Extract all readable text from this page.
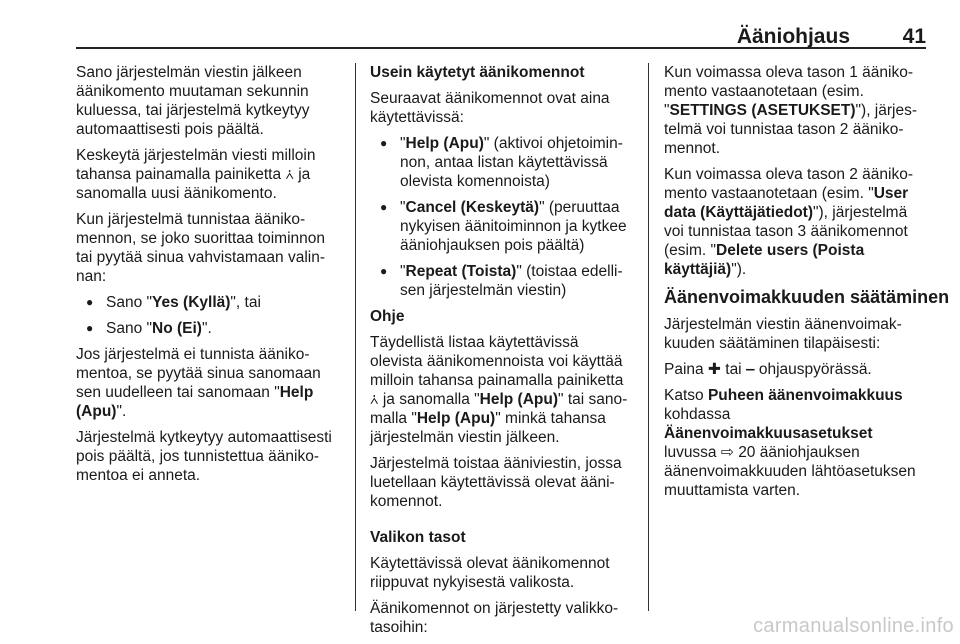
Ääniohjaus	41

Sano järjestelmän viestin jälkeen äänikomento muutaman sekunnin kuluessa, tai järjestelmä kytkeytyy automaattisesti pois päältä.

Keskeytä järjestelmän viesti milloin tahansa painamalla painiketta ⩑ ja sanomalla uusi äänikomento.

Kun järjestelmä tunnistaa äänikomennon, se joko suorittaa toiminnon tai pyytää sinua vahvistamaan valinnan:

● Sano "Yes (Kyllä)", tai
● Sano "No (Ei)".

Jos järjestelmä ei tunnista äänikomentoa, se pyytää sinua sanomaan sen uudelleen tai sanomaan "Help (Apu)".

Järjestelmä kytkeytyy automaattisesti pois päältä, jos tunnistettua äänikomentoa ei anneta.

Usein käytetyt äänikomennot

Seuraavat äänikomennot ovat aina käytettävissä:

● "Help (Apu)" (aktivoi ohjetoiminnon, antaa listan käytettävissä olevista komennoista)
● "Cancel (Keskeytä)" (peruuttaa nykyisen äänitoiminnon ja kytkee ääniohjauksen pois päältä)
● "Repeat (Toista)" (toistaa edellisen järjestelmän viestin)

Ohje

Täydellistä listaa käytettävissä olevista äänikomennoista voi käyttää milloin tahansa painamalla painiketta ⩑ ja sanomalla "Help (Apu)" tai sanomalla "Help (Apu)" minkä tahansa järjestelmän viestin jälkeen.

Järjestelmä toistaa ääniviestin, jossa luetellaan käytettävissä olevat äänikomennot.

Valikon tasot

Käytettävissä olevat äänikomennot riippuvat nykyisestä valikosta.

Äänikomennot on järjestetty valikkotasoihin:

Kun voimassa oleva tason 1 äänikomento vastaanotetaan (esim. "SETTINGS (ASETUKSET)"), järjestelmä voi tunnistaa tason 2 äänikomennot.

Kun voimassa oleva tason 2 äänikomento vastaanotetaan (esim. "User data (Käyttäjätiedot)"), järjestelmä voi tunnistaa tason 3 äänikomennot (esim. "Delete users (Poista käyttäjiä)").

Äänenvoimakkuuden säätäminen

Järjestelmän viestin äänenvoimakkuuden säätäminen tilapäisesti:

Paina ✚ tai ‒ ohjauspyörässä.

Katso Puheen äänenvoimakkuus kohdassa Äänenvoimakkuusasetukset luvussa ⇨ 20 ääniohjauksen äänenvoimakkuuden lähtöasetuksen muuttamista varten.

carmanualsonline.info
